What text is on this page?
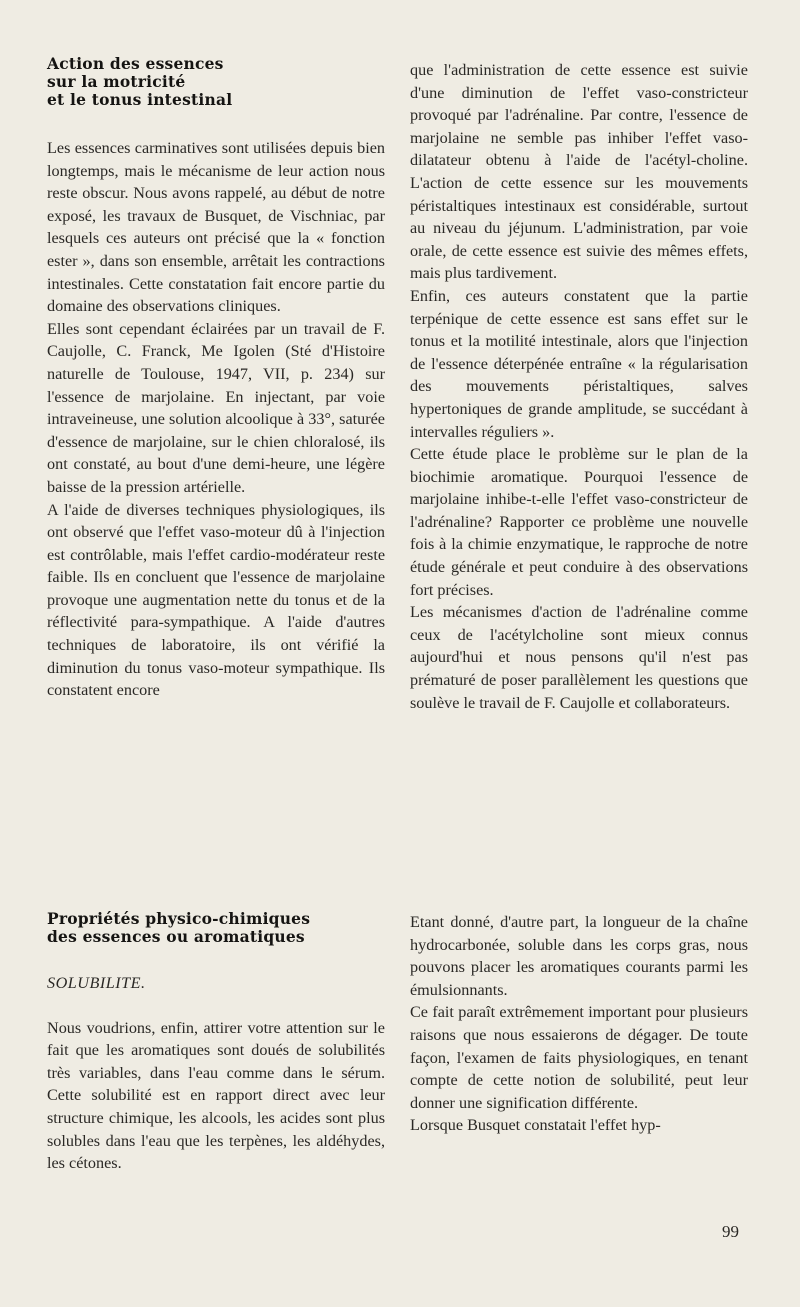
Action des essences
sur la motricité
et le tonus intestinal

Les essences carminatives sont utilisées depuis bien longtemps, mais le mécanisme de leur action nous reste obscur. Nous avons rappelé, au début de notre exposé, les travaux de Busquet, de Vischniac, par lesquels ces auteurs ont précisé que la « fonction ester », dans son ensemble, arrêtait les contractions intestinales. Cette constatation fait encore partie du domaine des observations cliniques.

Elles sont cependant éclairées par un travail de F. Caujolle, C. Franck, Me Igolen (Sté d'Histoire naturelle de Toulouse, 1947, VII, p. 234) sur l'essence de marjolaine. En injectant, par voie intraveineuse, une solution alcoolique à 33°, saturée d'essence de marjolaine, sur le chien chloralosé, ils ont constaté, au bout d'une demi-heure, une légère baisse de la pression artérielle.

A l'aide de diverses techniques physiologiques, ils ont observé que l'effet vaso-moteur dû à l'injection est contrôlable, mais l'effet cardio-modérateur reste faible. Ils en concluent que l'essence de marjolaine provoque une augmentation nette du tonus et de la réflectivité para-sympathique. A l'aide d'autres techniques de laboratoire, ils ont vérifié la diminution du tonus vaso-moteur sympathique. Ils constatent encore

que l'administration de cette essence est suivie d'une diminution de l'effet vaso-constricteur provoqué par l'adrénaline. Par contre, l'essence de marjolaine ne semble pas inhiber l'effet vaso-dilatateur obtenu à l'aide de l'acétyl-choline. L'action de cette essence sur les mouvements péristaltiques intestinaux est considérable, surtout au niveau du jéjunum. L'administration, par voie orale, de cette essence est suivie des mêmes effets, mais plus tardivement.

Enfin, ces auteurs constatent que la partie terpénique de cette essence est sans effet sur le tonus et la motilité intestinale, alors que l'injection de l'essence déterpénée entraîne « la régularisation des mouvements péristaltiques, salves hypertoniques de grande amplitude, se succédant à intervalles réguliers ».

Cette étude place le problème sur le plan de la biochimie aromatique. Pourquoi l'essence de marjolaine inhibe-t-elle l'effet vaso-constricteur de l'adrénaline? Rapporter ce problème une nouvelle fois à la chimie enzymatique, le rapproche de notre étude générale et peut conduire à des observations fort précises.

Les mécanismes d'action de l'adrénaline comme ceux de l'acétylcholine sont mieux connus aujourd'hui et nous pensons qu'il n'est pas prématuré de poser parallèlement les questions que soulève le travail de F. Caujolle et collaborateurs.

Propriétés physico-chimiques
des essences ou aromatiques

SOLUBILITE.

Nous voudrions, enfin, attirer votre attention sur le fait que les aromatiques sont doués de solubilités très variables, dans l'eau comme dans le sérum. Cette solubilité est en rapport direct avec leur structure chimique, les alcools, les acides sont plus solubles dans l'eau que les terpènes, les aldéhydes, les cétones.

Etant donné, d'autre part, la longueur de la chaîne hydrocarbonée, soluble dans les corps gras, nous pouvons placer les aromatiques courants parmi les émulsionnants.

Ce fait paraît extrêmement important pour plusieurs raisons que nous essaierons de dégager. De toute façon, l'examen de faits physiologiques, en tenant compte de cette notion de solubilité, peut leur donner une signification différente.

Lorsque Busquet constatait l'effet hyp-

99
